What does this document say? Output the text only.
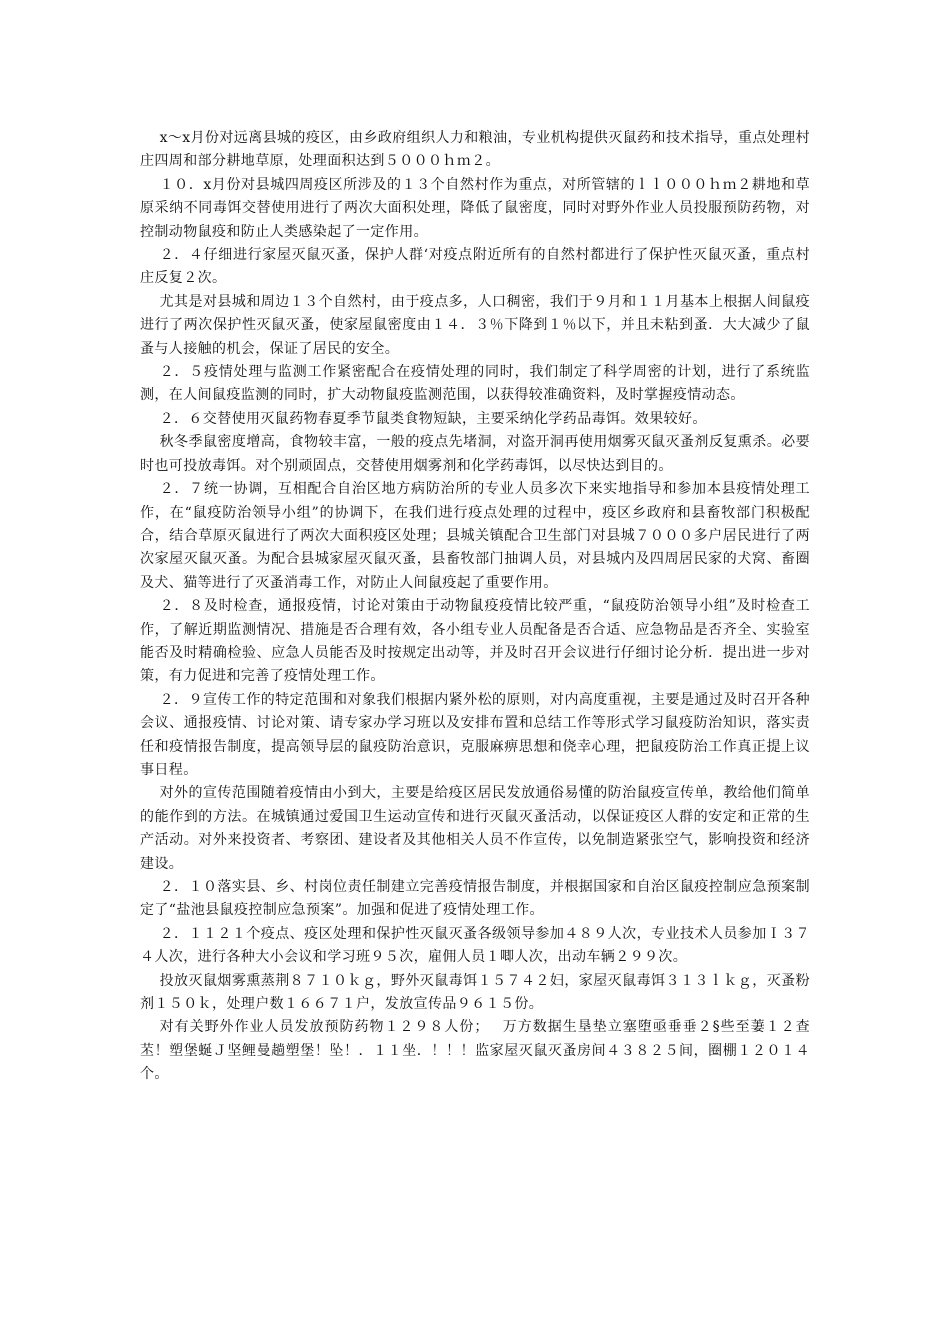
x～x月份对远离县城的疫区，由乡政府组织人力和粮油，专业机构提供灭鼠药和技术指导，重点处理村庄四周和部分耕地草原，处理面积达到５０００ｈｍ２。

１０．x月份对县城四周疫区所涉及的１３个自然村作为重点，对所管辖的ｌｌ０００ｈｍ２耕地和草原采纳不同毒饵交替使用进行了两次大面积处理，降低了鼠密度，同时对野外作业人员投服预防药物，对控制动物鼠疫和防止人类感染起了一定作用。

２．４仔细进行家屋灭鼠灭蚤，保护人群‘对疫点附近所有的自然村都进行了保护性灭鼠灭蚤，重点村庄反复２次。

尤其是对县城和周边１３个自然村，由于疫点多，人口稠密，我们于９月和１１月基本上根据人间鼠疫进行了两次保护性灭鼠灭蚤，使家屋鼠密度由１４．３％下降到１％以下，并且未粘到蚤．大大减少了鼠蚤与人接触的机会，保证了居民的安全。

２．５疫情处理与监测工作紧密配合在疫情处理的同时，我们制定了科学周密的计划，进行了系统监测，在人间鼠疫监测的同时，扩大动物鼠疫监测范围，以获得较准确资料，及时掌握疫情动态。

２．６交替使用灭鼠药物春夏季节鼠类食物短缺，主要采纳化学药品毒饵。效果较好。

秋冬季鼠密度增高，食物较丰富，一般的疫点先堵洞，对盗开洞再使用烟雾灭鼠灭蚤剂反复熏杀。必要时也可投放毒饵。对个别顽固点，交替使用烟雾剂和化学药毒饵，以尽快达到目的。

２．７统一协调，互相配合自治区地方病防治所的专业人员多次下来实地指导和参加本县疫情处理工作，在“鼠疫防治领导小组”的协调下，在我们进行疫点处理的过程中，疫区乡政府和县畜牧部门积极配合，结合草原灭鼠进行了两次大面积疫区处理；县城关镇配合卫生部门对县城７０００多户居民进行了两次家屋灭鼠灭蚤。为配合县城家屋灭鼠灭蚤，县畜牧部门抽调人员，对县城内及四周居民家的犬窝、畜圈及犬、猫等进行了灭蚤消毒工作，对防止人间鼠疫起了重要作用。

２．８及时检查，通报疫情，讨论对策由于动物鼠疫疫情比较严重，“鼠疫防治领导小组”及时检查工作，了解近期监测情况、措施是否合理有效，各小组专业人员配备是否合适、应急物品是否齐全、实验室能否及时精确检验、应急人员能否及时按规定出动等，并及时召开会议进行仔细讨论分析．提出进一步对策，有力促进和完善了疫情处理工作。

２．９宣传工作的特定范围和对象我们根据内紧外松的原则，对内高度重视，主要是通过及时召开各种会议、通报疫情、讨论对策、请专家办学习班以及安排布置和总结工作等形式学习鼠疫防治知识，落实责任和疫情报告制度，提高领导层的鼠疫防治意识，克服麻痹思想和侥幸心理，把鼠疫防治工作真正提上议事日程。

对外的宣传范围随着疫情由小到大，主要是给疫区居民发放通俗易懂的防治鼠疫宣传单，教给他们简单的能作到的方法。在城镇通过爱国卫生运动宣传和进行灭鼠灭蚤活动，以保证疫区人群的安定和正常的生产活动。对外来投资者、考察团、建设者及其他相关人员不作宣传，以免制造紧张空气，影响投资和经济建设。

２．１０落实县、乡、村岗位责任制建立完善疫情报告制度，并根据国家和自治区鼠疫控制应急预案制定了“盐池县鼠疫控制应急预案”。加强和促进了疫情处理工作。

２．１１２１个疫点、疫区处理和保护性灭鼠灭蚤各级领导参加４８９人次，专业技术人员参加Ｉ３７４人次，进行各种大小会议和学习班９５次，雇佣人员１唧人次，出动车辆２９９次。

投放灭鼠烟雾熏蒸荆８７１０ｋｇ，野外灭鼠毒饵１５７４２妇，家屋灭鼠毒饵３１３ｌｋｇ，灭蚤粉剂１５０ｋ，处理户数１６６７１户，发放宣传品９６１５份。

对有关野外作业人员发放预防药物１２９８人份；　 万方数据生垦垫立塞堕亟垂垂２§些至萋１２查苤！塑堡蜒Ｊ坚鲤曼趟塑堡！坠！．１１坐．！！！监家屋灭鼠灭蚤房间４３８２５间，圈棚１２０１４个。
